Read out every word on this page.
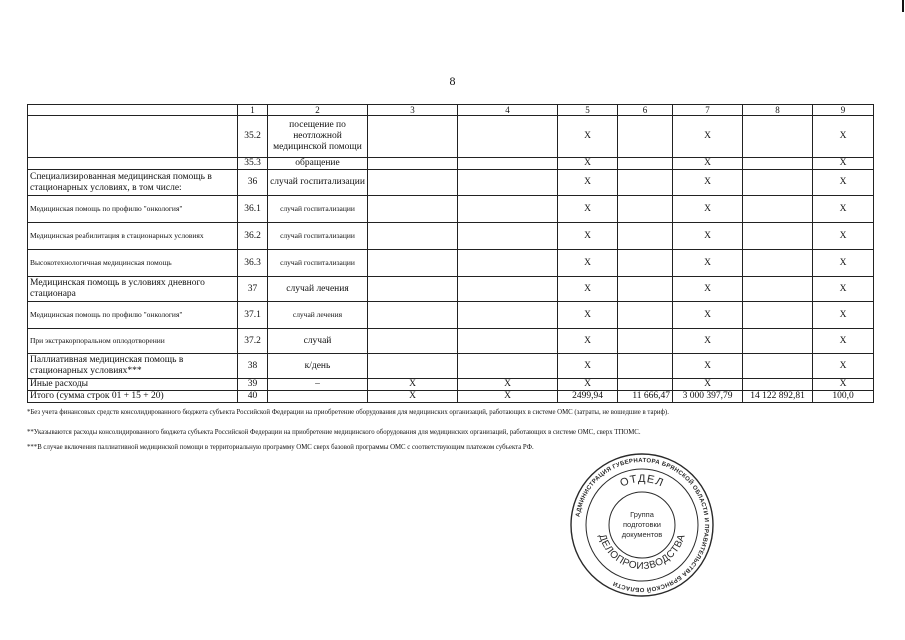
8
	1	2	3	4	5	6	7	8	9
	35.2	посещение по неотложной медицинской помощи			X		X		X
	35.3	обращение			X		X		X
Специализированная медицинская помощь в стационарных условиях, в том числе:	36	случай госпитализации			X		X		X
Медицинская помощь по профилю "онкология"	36.1	случай госпитализации			X		X		X
Медицинская реабилитация в стационарных условиях	36.2	случай госпитализации			X		X		X
Высокотехнологичная медицинская помощь	36.3	случай госпитализации			X		X		X
Медицинская помощь в условиях дневного стационара	37	случай лечения			X		X		X
Медицинская помощь по профилю "онкология"	37.1	случай лечения			X		X		X
При экстракорпоральном оплодотворении	37.2	случай			X		X		X
Паллиативная медицинская помощь в стационарных условиях***	38	к/день			X		X		X
Иные расходы	39	–	X	X	X		X		X
Итого (сумма строк 01 + 15 + 20)	40		X	X	2499,94	11 666,47	3 000 397,79	14 122 892,81	100,0
*Без учета финансовых средств консолидированного бюджета субъекта Российской Федерации на приобретение оборудования для медицинских организаций, работающих в системе ОМС (затраты, не вошедшие в тариф).
**Указываются расходы консолидированного бюджета субъекта Российской Федерации на приобретение медицинского оборудования для медицинских организаций, работающих в системе ОМС, сверх ТПОМС.
***В случае включения паллиативной медицинской помощи в территориальную программу ОМС сверх базовой программы ОМС с соответствующим платежом субъекта РФ.
АДМИНИСТРАЦИЯ ГУБЕРНАТОРА БРЯНСКОЙ ОБЛАСТИ И ПРАВИТЕЛЬСТВА БРЯНСКОЙ ОБЛАСТИ
ОТДЕЛ
ДЕЛОПРОИЗВОДСТВА
Группа
подготовки
документов
